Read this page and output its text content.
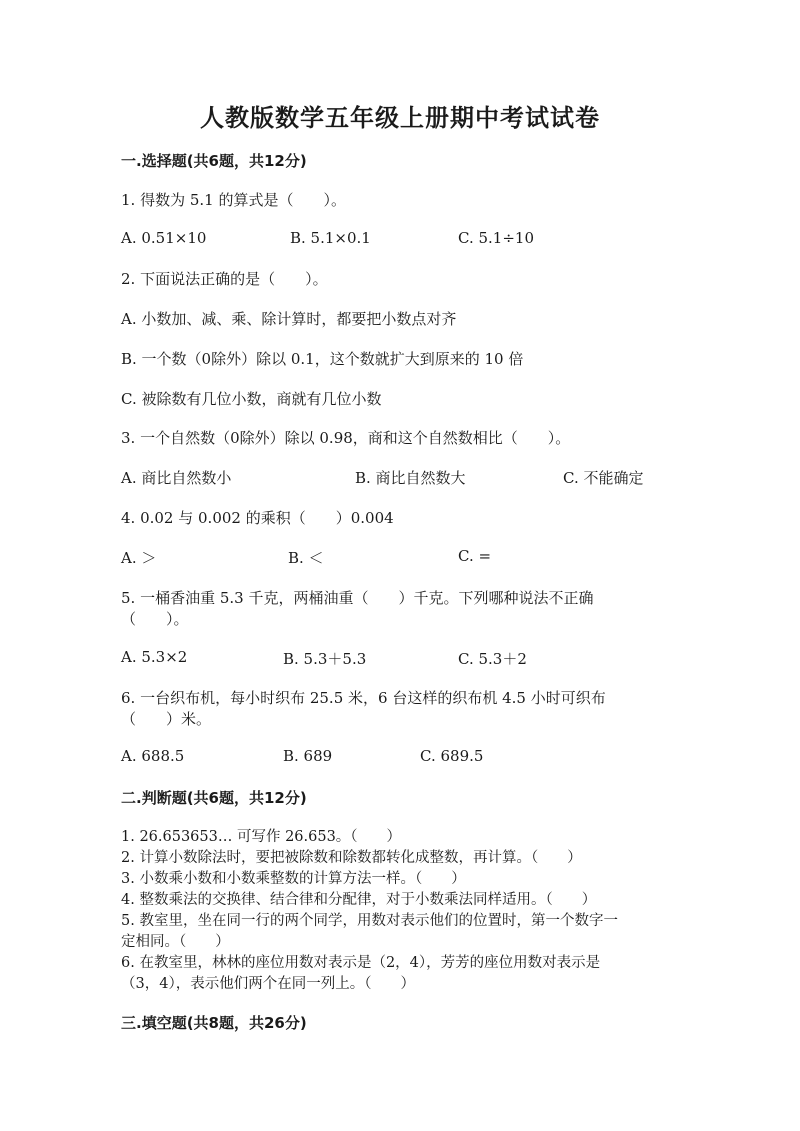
人教版数学五年级上册期中考试试卷
一.选择题(共6题，共12分)
1. 得数为 5.1 的算式是（　　）。
A. 0.51×10	B. 5.1×0.1	C. 5.1÷10
2. 下面说法正确的是（　　）。
A. 小数加、减、乘、除计算时，都要把小数点对齐
B. 一个数（0除外）除以 0.1，这个数就扩大到原来的 10 倍
C. 被除数有几位小数，商就有几位小数
3. 一个自然数（0除外）除以 0.98，商和这个自然数相比（　　）。
A. 商比自然数小	B. 商比自然数大	C. 不能确定
4. 0.02 与 0.002 的乘积（　　）0.004
A. ＞	B. ＜	C. =
5. 一桶香油重 5.3 千克，两桶油重（　　）千克。下列哪种说法不正确
（　　）。
A. 5.3×2	B. 5.3＋5.3	C. 5.3＋2
6. 一台织布机，每小时织布 25.5 米，6 台这样的织布机 4.5 小时可织布
（　　）米。
A. 688.5	B. 689	C. 689.5
二.判断题(共6题，共12分)
1. 26.653653… 可写作 26.653。（　　）
2. 计算小数除法时，要把被除数和除数都转化成整数，再计算。（　　）
3. 小数乘小数和小数乘整数的计算方法一样。（　　）
4. 整数乘法的交换律、结合律和分配律，对于小数乘法同样适用。（　　）
5. 教室里，坐在同一行的两个同学，用数对表示他们的位置时，第一个数字一
定相同。（　　）
6. 在教室里，林林的座位用数对表示是（2，4），芳芳的座位用数对表示是
（3，4），表示他们两个在同一列上。（　　）
三.填空题(共8题，共26分)
